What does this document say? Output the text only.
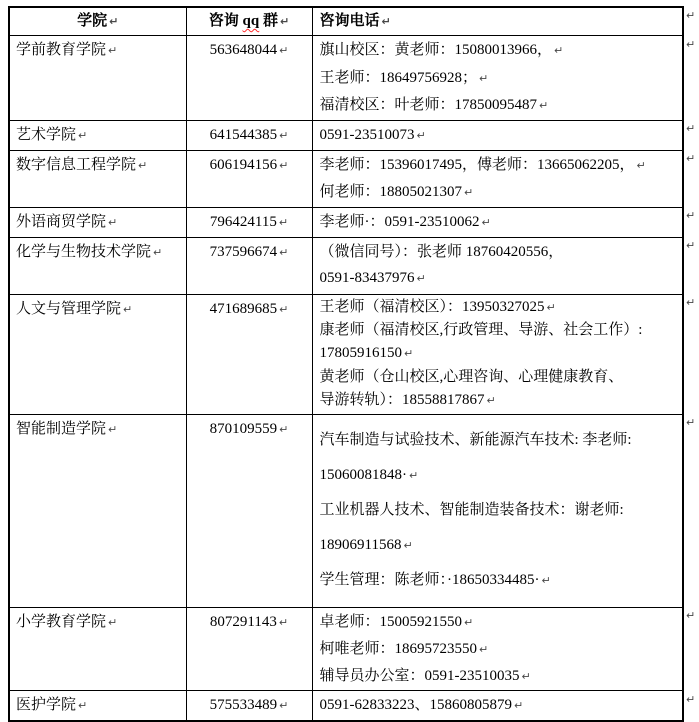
学院 ↵	咨询 qq 群 ↵	咨询电话 ↵
学前教育学院 ↵	563648044 ↵	旗山校区：黄老师：15080013966， ↵
王老师：18649756928； ↵
福清校区：叶老师：17850095487 ↵

艺术学院 ↵	641544385 ↵	0591-23510073 ↵

数字信息工程学院 ↵	606194156 ↵	李老师：15396017495，傅老师：13665062205， ↵
何老师：18805021307 ↵

外语商贸学院 ↵	796424115 ↵	李老师·：0591-23510062 ↵

化学与生物技术学院 ↵	737596674 ↵	（微信同号）：张老师 18760420556，
0591-83437976 ↵

人文与管理学院 ↵	471689685 ↵	王老师（福清校区）：13950327025 ↵
康老师（福清校区,行政管理、导游、社会工作）:
17805916150 ↵
黄老师（仓山校区,心理咨询、心理健康教育、
导游转轨）：18558817867 ↵

智能制造学院 ↵	870109559 ↵	汽车制造与试验技术、新能源汽车技术: 李老师:
15060081848· ↵
工业机器人技术、智能制造装备技术：谢老师:
18906911568 ↵
学生管理：陈老师：·18650334485· ↵

小学教育学院 ↵	807291143 ↵	卓老师：15005921550 ↵
柯唯老师：18695723550 ↵
辅导员办公室：0591-23510035 ↵

医护学院 ↵	575533489 ↵	0591-62833223、15860805879 ↵
↵
↵
↵
↵
↵
↵
↵
↵
↵
↵
